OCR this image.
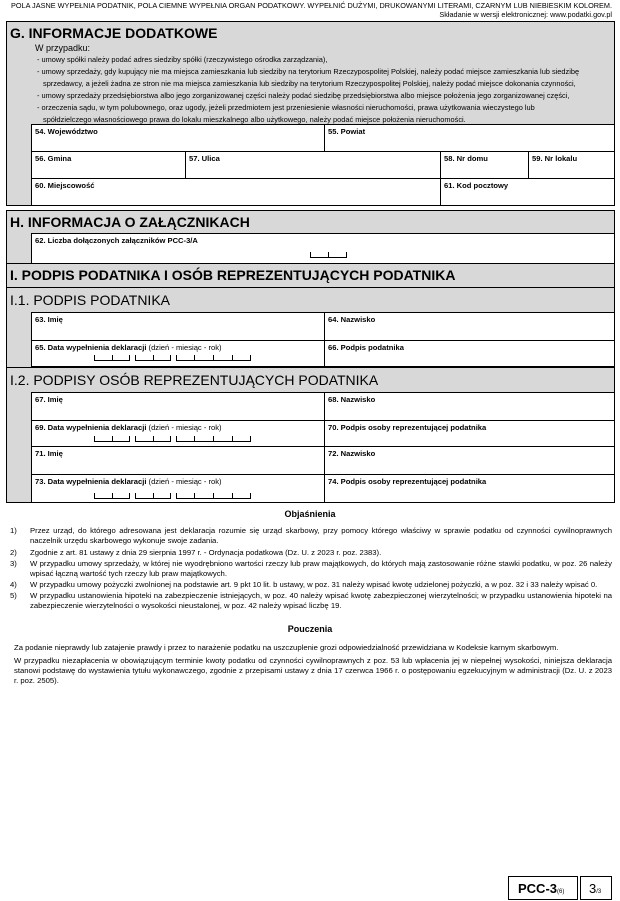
POLA JASNE WYPEŁNIA PODATNIK, POLA CIEMNE WYPEŁNIA ORGAN PODATKOWY. WYPEŁNIĆ DUŻYMI, DRUKOWANYMI LITERAMI, CZARNYM LUB NIEBIESKIM KOLOREM.
Składanie w wersji elektronicznej: www.podatki.gov.pl
G. INFORMACJE DODATKOWE
W przypadku:
- umowy spółki należy podać adres siedziby spółki (rzeczywistego ośrodka zarządzania),
- umowy sprzedaży, gdy kupujący nie ma miejsca zamieszkania lub siedziby na terytorium Rzeczypospolitej Polskiej, należy podać miejsce zamieszkania lub siedzibę
sprzedawcy, a jeżeli żadna ze stron nie ma miejsca zamieszkania lub siedziby na terytorium Rzeczypospolitej Polskiej, należy podać miejsce dokonania czynności,
- umowy sprzedaży przedsiębiorstwa albo jego zorganizowanej części należy podać siedzibę przedsiębiorstwa albo miejsce położenia jego zorganizowanej części,
- orzeczenia sądu, w tym polubownego, oraz ugody, jeżeli przedmiotem jest przeniesienie własności nieruchomości, prawa użytkowania wieczystego lub
spółdzielczego własnościowego prawa do lokalu mieszkalnego albo użytkowego, należy podać miejsce położenia nieruchomości.
54. Województwo	55. Powiat
56. Gmina	57. Ulica	58. Nr domu	59. Nr lokalu
60. Miejscowość	61. Kod pocztowy
H. INFORMACJA O ZAŁĄCZNIKACH
62. Liczba dołączonych załączników PCC-3/A
I. PODPIS PODATNIKA I OSÓB REPREZENTUJĄCYCH PODATNIKA
I.1. PODPIS PODATNIKA
63. Imię	64. Nazwisko
65. Data wypełnienia deklaracji (dzień - miesiąc - rok)	66. Podpis podatnika
I.2. PODPISY OSÓB REPREZENTUJĄCYCH PODATNIKA
67. Imię	68. Nazwisko
69. Data wypełnienia deklaracji (dzień - miesiąc - rok)	70. Podpis osoby reprezentującej podatnika
71. Imię	72. Nazwisko
73. Data wypełnienia deklaracji (dzień - miesiąc - rok)	74. Podpis osoby reprezentującej podatnika
Objaśnienia
1) Przez urząd, do którego adresowana jest deklaracja rozumie się urząd skarbowy, przy pomocy którego właściwy w sprawie podatku od czynności cywilnoprawnych naczelnik urzędu skarbowego wykonuje swoje zadania.
2) Zgodnie z art. 81 ustawy z dnia 29 sierpnia 1997 r. - Ordynacja podatkowa (Dz. U. z 2023 r. poz. 2383).
3) W przypadku umowy sprzedaży, w której nie wyodrębniono wartości rzeczy lub praw majątkowych, do których mają zastosowanie różne stawki podatku, w poz. 26 należy wpisać łączną wartość tych rzeczy lub praw majątkowych.
4) W przypadku umowy pożyczki zwolnionej na podstawie art. 9 pkt 10 lit. b ustawy, w poz. 31 należy wpisać kwotę udzielonej pożyczki, a w poz. 32 i 33 należy wpisać 0.
5) W przypadku ustanowienia hipoteki na zabezpieczenie istniejących, w poz. 40 należy wpisać kwotę zabezpieczonej wierzytelności; w przypadku ustanowienia hipoteki na zabezpieczenie wierzytelności o wysokości nieustalonej, w poz. 42 należy wpisać liczbę 19.
Pouczenia
Za podanie nieprawdy lub zatajenie prawdy i przez to narażenie podatku na uszczuplenie grozi odpowiedzialność przewidziana w Kodeksie karnym skarbowym.
W przypadku niezapłacenia w obowiązującym terminie kwoty podatku od czynności cywilnoprawnych z poz. 53 lub wpłacenia jej w niepełnej wysokości, niniejsza deklaracja stanowi podstawę do wystawienia tytułu wykonawczego, zgodnie z przepisami ustawy z dnia 17 czerwca 1966 r. o postępowaniu egzekucyjnym w administracji (Dz. U. z 2023 r. poz. 2505).
PCC-3(6)	3/3
